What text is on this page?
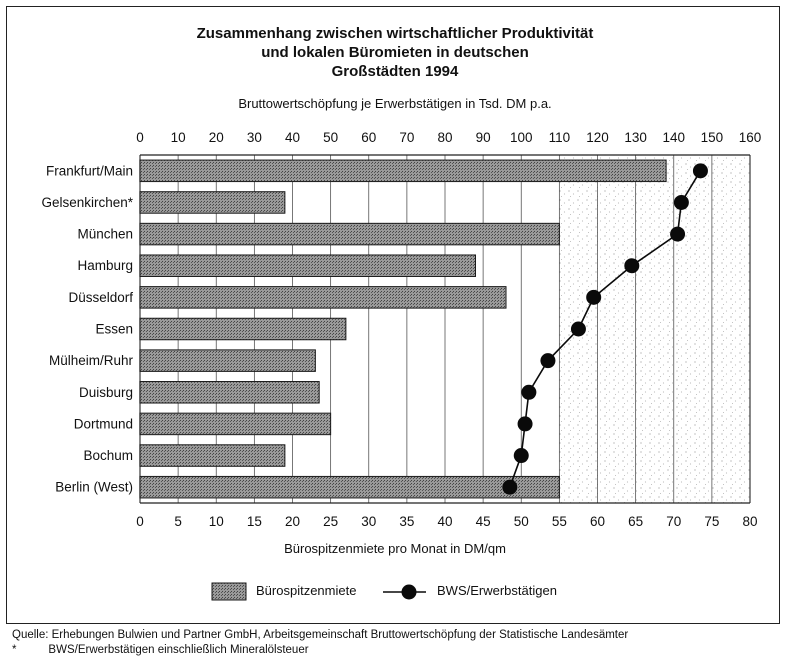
Zusammenhang zwischen wirtschaftlicher Produktivität
und lokalen Büromieten in deutschen
Großstädten 1994
Bruttowertschöpfung je Erwerbstätigen in Tsd. DM p.a.
Frankfurt/Main
Gelsenkirchen*
München
Hamburg
Düsseldorf
Essen
Mülheim/Ruhr
Duisburg
Dortmund
Bochum
Berlin (West)
0 10 20 30 40 50 60 70 80 90 100 110 120 130 140 150 160
0 5 10 15 20 25 30 35 40 45 50 55 60 65 70 75 80
Bürospitzenmiete pro Monat in DM/qm
Bürospitzenmiete	BWS/Erwerbstätigen
Quelle: Erhebungen Bulwien und Partner GmbH, Arbeitsgemeinschaft Bruttowertschöpfung der Statistische Landesämter
*          BWS/Erwerbstätigen einschließlich Mineralölsteuer
